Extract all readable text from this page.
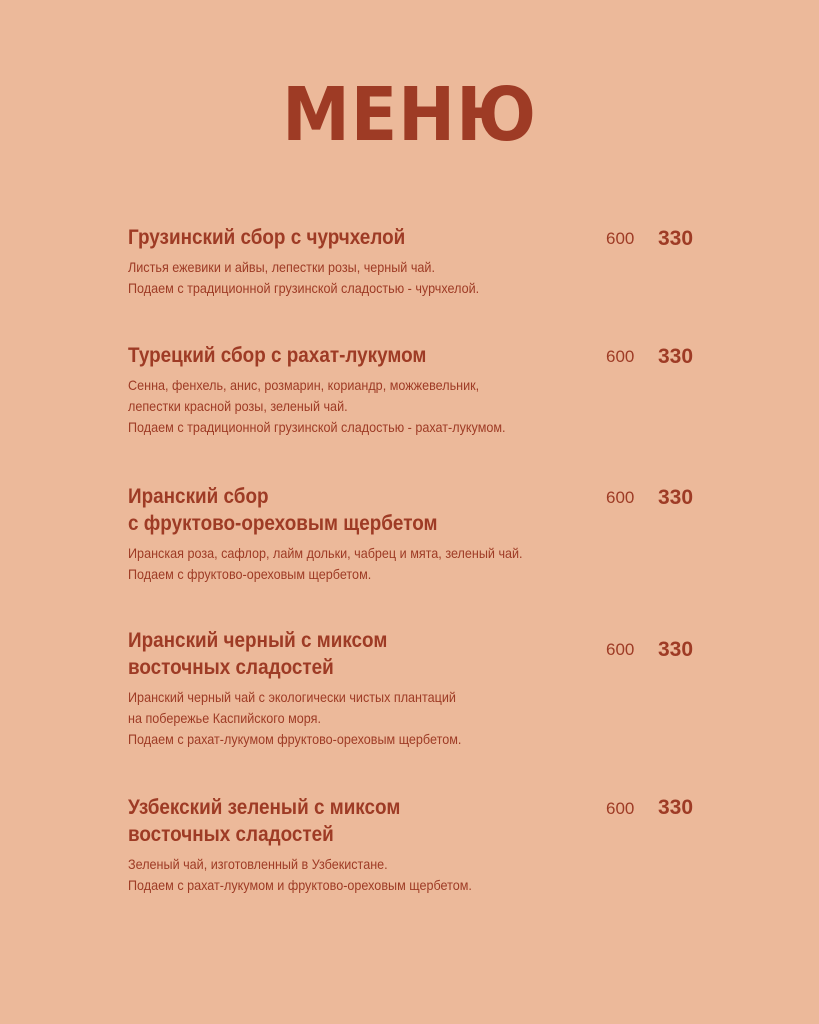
МЕНЮ
Грузинский сбор с чурчхелой
Листья ежевики и айвы, лепестки розы, черный чай.
Подаем с традиционной грузинской сладостью - чурчхелой.
600 330
Турецкий сбор с рахат-лукумом
Сенна, фенхель, анис, розмарин, кориандр, можжевельник,
лепестки красной розы, зеленый чай.
Подаем с традиционной грузинской сладостью - рахат-лукумом.
600 330
Иранский сбор
с фруктово-ореховым щербетом
Иранская роза, сафлор, лайм дольки, чабрец и мята, зеленый чай.
Подаем с фруктово-ореховым щербетом.
600 330
Иранский черный с миксом
восточных сладостей
Иранский черный чай с экологически чистых плантаций
на побережье Каспийского моря.
Подаем с рахат-лукумом фруктово-ореховым щербетом.
600 330
Узбекский зеленый с миксом
восточных сладостей
Зеленый чай, изготовленный в Узбекистане.
Подаем с рахат-лукумом и фруктово-ореховым щербетом.
600 330
